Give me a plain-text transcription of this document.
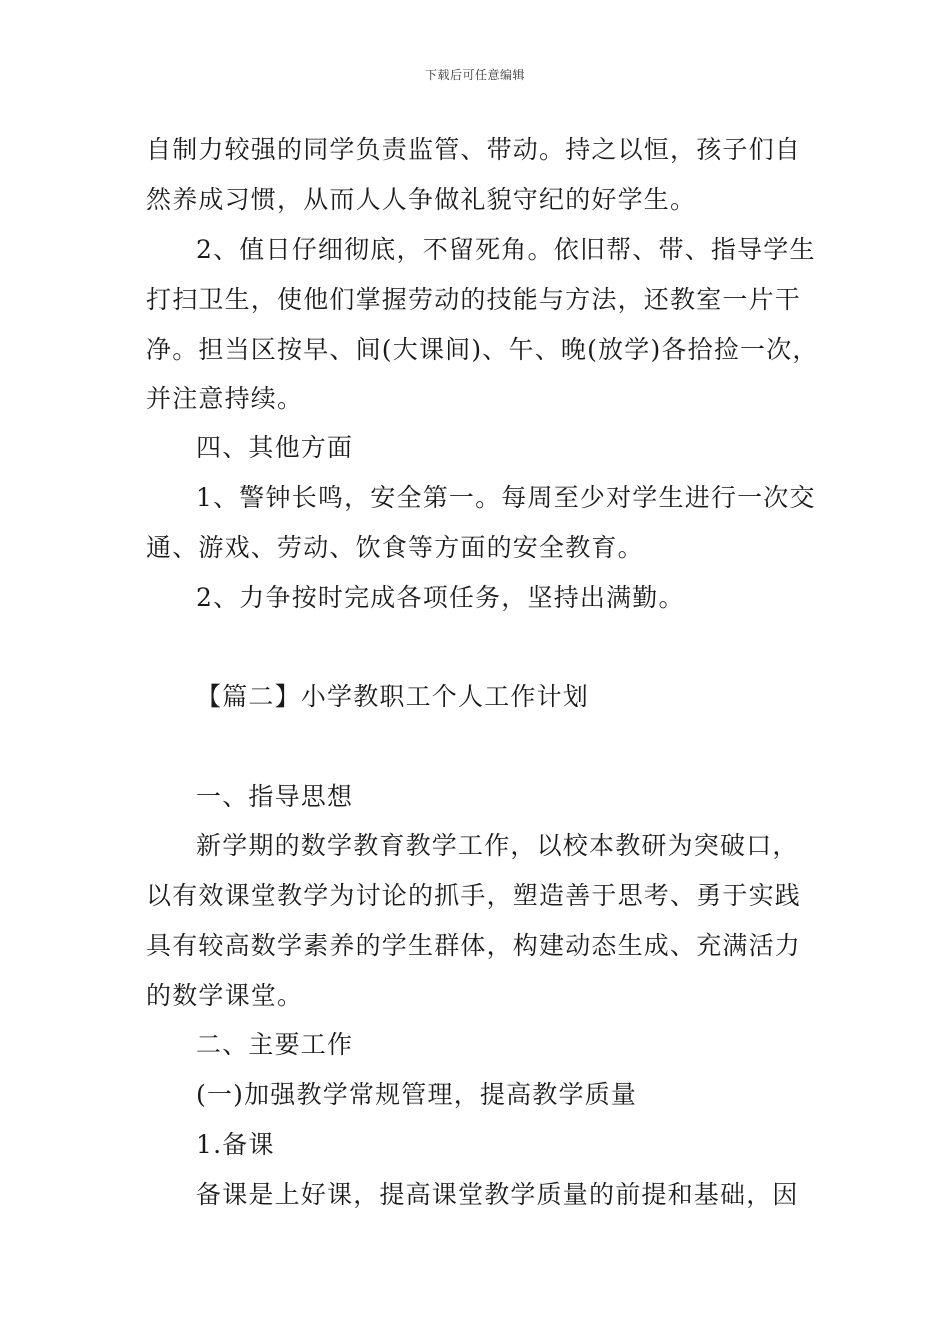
下载后可任意编辑
自制力较强的同学负责监管、带动。持之以恒，孩子们自
然养成习惯，从而人人争做礼貌守纪的好学生。
2、值日仔细彻底，不留死角。依旧帮、带、指导学生
打扫卫生，使他们掌握劳动的技能与方法，还教室一片干
净。担当区按早、间(大课间)、午、晚(放学)各拾捡一次，
并注意持续。
四、其他方面
1、警钟长鸣，安全第一。每周至少对学生进行一次交
通、游戏、劳动、饮食等方面的安全教育。
2、力争按时完成各项任务，坚持出满勤。
【篇二】小学教职工个人工作计划
一、指导思想
新学期的数学教育教学工作，以校本教研为突破口，
以有效课堂教学为讨论的抓手，塑造善于思考、勇于实践
具有较高数学素养的学生群体，构建动态生成、充满活力
的数学课堂。
二、主要工作
(一)加强教学常规管理，提高教学质量
1.备课
备课是上好课，提高课堂教学质量的前提和基础，因
